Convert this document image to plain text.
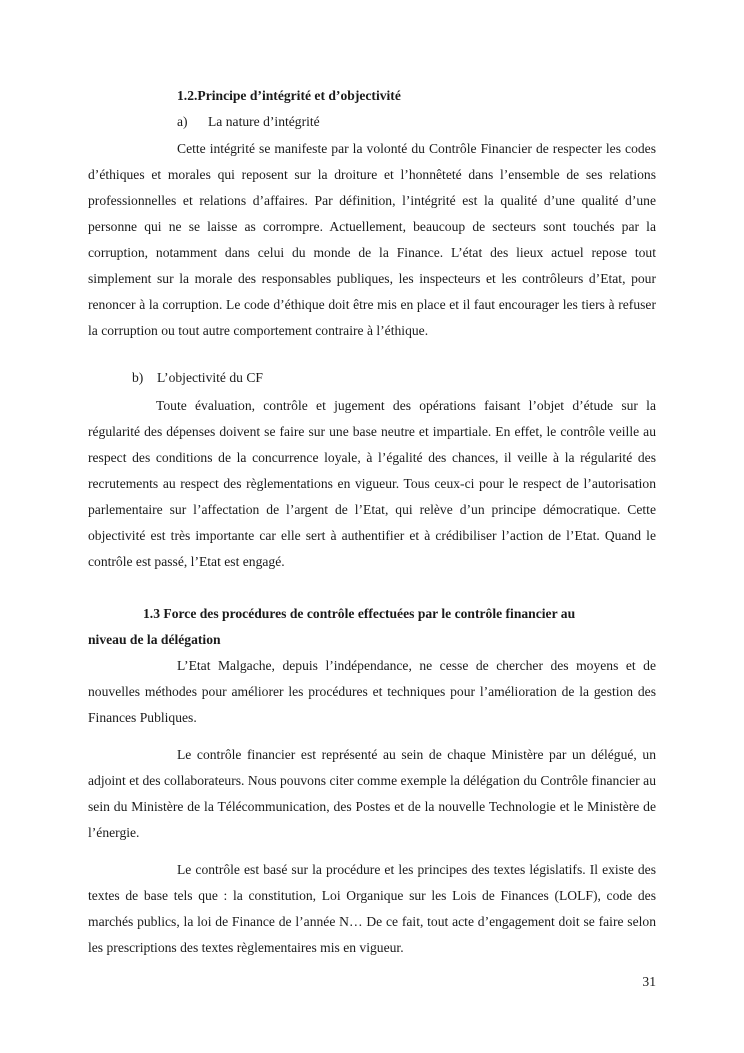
1.2.Principe d’intégrité et d’objectivité
a) La nature d’intégrité

Cette intégrité se manifeste par la volonté du Contrôle Financier de respecter les codes d’éthiques et morales qui reposent sur la droiture et l’honnêteté dans l’ensemble de ses relations professionnelles et relations d’affaires. Par définition, l’intégrité est la qualité d’une qualité d’une personne qui ne se laisse as corrompre. Actuellement, beaucoup de secteurs sont touchés par la corruption, notamment dans celui du monde de la Finance. L’état des lieux actuel repose tout simplement sur la morale des responsables publiques, les inspecteurs et les contrôleurs d’Etat, pour renoncer à la corruption. Le code d’éthique doit être mis en place et il faut encourager les tiers à refuser la corruption ou tout autre comportement contraire à l’éthique.

b) L’objectivité du CF

Toute évaluation, contrôle et jugement des opérations faisant l’objet d’étude sur la régularité des dépenses doivent se faire sur une base neutre et impartiale. En effet, le contrôle veille au respect des conditions de la concurrence loyale, à l’égalité des chances, il veille à la régularité des recrutements au respect des règlementations en vigueur. Tous ceux-ci pour le respect de l’autorisation parlementaire sur l’affectation de l’argent de l’Etat, qui relève d’un principe démocratique. Cette objectivité est très importante car elle sert à authentifier et à crédibiliser l’action de l’Etat. Quand le contrôle est passé, l’Etat est engagé.

1.3 Force des procédures de contrôle effectuées par le contrôle financier au
niveau de la délégation

L’Etat Malgache, depuis l’indépendance, ne cesse de chercher des moyens et de nouvelles méthodes pour améliorer les procédures et techniques pour l’amélioration de la gestion des Finances Publiques.

Le contrôle financier est représenté au sein de chaque Ministère par un délégué, un adjoint et des collaborateurs. Nous pouvons citer comme exemple la délégation du Contrôle financier au sein du Ministère de la Télécommunication, des Postes et de la nouvelle Technologie et le Ministère de l’énergie.

Le contrôle est basé sur la procédure et les principes des textes législatifs. Il existe des textes de base tels que : la constitution, Loi Organique sur les Lois de Finances (LOLF), code des marchés publics, la loi de Finance de l’année N… De ce fait, tout acte d’engagement doit se faire selon les prescriptions des textes règlementaires mis en vigueur.

31
